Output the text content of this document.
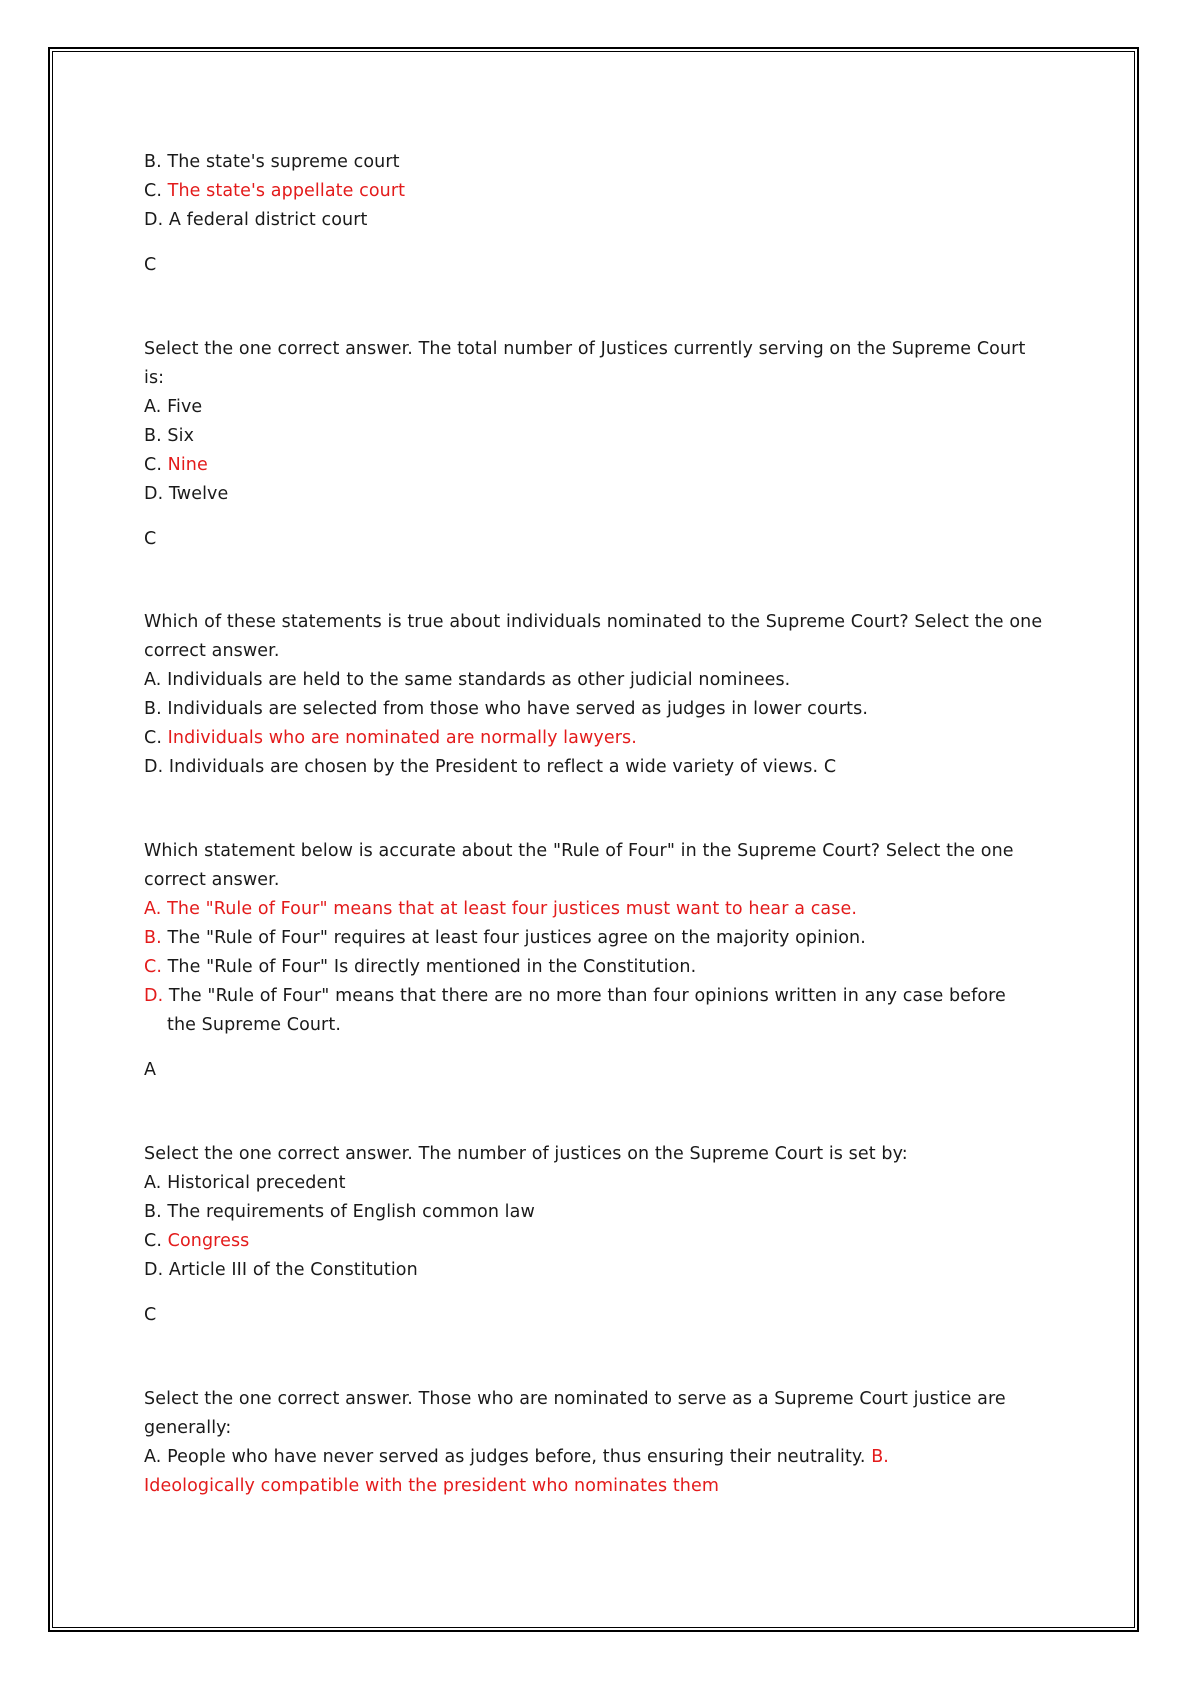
B. The state's supreme court
C. The state's appellate court
D. A federal district court
C
Select the one correct answer. The total number of Justices currently serving on the Supreme Court
is:
A. Five
B. Six
C. Nine
D. Twelve
C
Which of these statements is true about individuals nominated to the Supreme Court? Select the one
correct answer.
A. Individuals are held to the same standards as other judicial nominees.
B. Individuals are selected from those who have served as judges in lower courts.
C. Individuals who are nominated are normally lawyers.
D. Individuals are chosen by the President to reflect a wide variety of views. C
Which statement below is accurate about the "Rule of Four" in the Supreme Court? Select the one
correct answer.
A. The "Rule of Four" means that at least four justices must want to hear a case.
B. The "Rule of Four" requires at least four justices agree on the majority opinion.
C. The "Rule of Four" Is directly mentioned in the Constitution.
D. The "Rule of Four" means that there are no more than four opinions written in any case before
the Supreme Court.
A
Select the one correct answer. The number of justices on the Supreme Court is set by:
A. Historical precedent
B. The requirements of English common law
C. Congress
D. Article III of the Constitution
C
Select the one correct answer. Those who are nominated to serve as a Supreme Court justice are
generally:
A. People who have never served as judges before, thus ensuring their neutrality. B.
Ideologically compatible with the president who nominates them
